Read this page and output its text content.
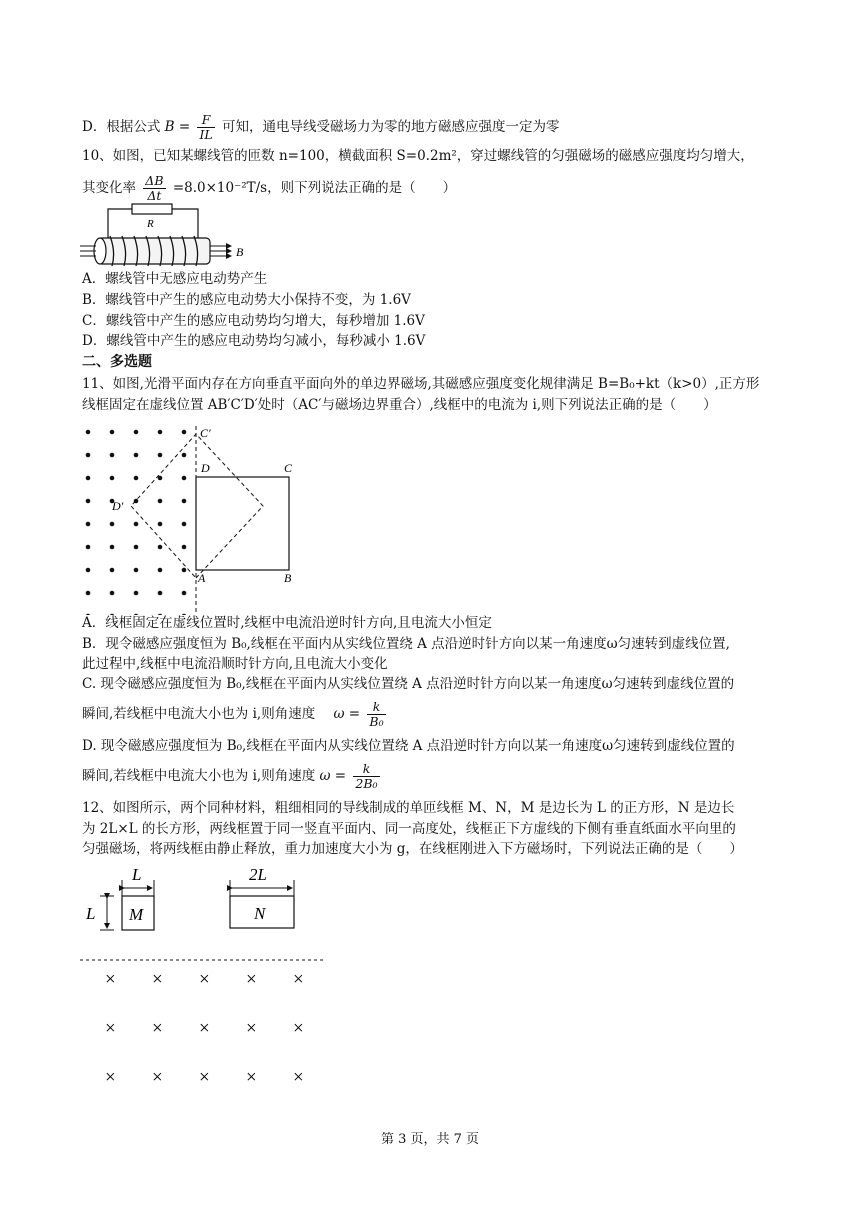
D．根据公式 $B = \frac{F}{IL}$ 可知，通电导线受磁场力为零的地方磁感应强度一定为零
10、如图，已知某螺线管的匝数 n=100，横截面积 S=0.2m²，穿过螺线管的匀强磁场的磁感应强度均匀增大，
其变化率 $\frac{\Delta B}{\Delta t} =8.0\times 10^{-2}T/s$，则下列说法正确的是（　　）
R
B
A．螺线管中无感应电动势产生
B．螺线管中产生的感应电动势大小保持不变，为 1.6V
C．螺线管中产生的感应电动势均匀增大，每秒增加 1.6V
D．螺线管中产生的感应电动势均匀减小，每秒减小 1.6V
二、多选题
11、如图,光滑平面内存在方向垂直平面向外的单边界磁场,其磁感应强度变化规律满足 B=B₀+kt（k>0）,正方形
线框固定在虚线位置 AB′C′D′处时（AC′与磁场边界重合）,线框中的电流为 i,则下列说法正确的是（　　）
C′
D	C
D′
A	B
A．线框固定在虚线位置时,线框中电流沿逆时针方向,且电流大小恒定
B．现令磁感应强度恒为 B₀,线框在平面内从实线位置绕 A 点沿逆时针方向以某一角速度ω匀速转到虚线位置,
此过程中,线框中电流沿顺时针方向,且电流大小变化
C. 现令磁感应强度恒为 B₀,线框在平面内从实线位置绕 A 点沿逆时针方向以某一角速度ω匀速转到虚线位置的
瞬间,若线框中电流大小也为 i,则角速度 $\omega = \frac{k}{\text{B₀}}$
D. 现令磁感应强度恒为 B₀,线框在平面内从实线位置绕 A 点沿逆时针方向以某一角速度ω匀速转到虚线位置的
瞬间,若线框中电流大小也为 i,则角速度 $\omega = \frac{k}{\text{2B₀}}$
12、如图所示，两个同种材料，粗细相同的导线制成的单匝线框 M、N，M 是边长为 L 的正方形，N 是边长
为 2L×L 的长方形，两线框置于同一竖直平面内、同一高度处，线框正下方虚线的下侧有垂直纸面水平向里的
匀强磁场，将两线框由静止释放，重力加速度大小为 g，在线框刚进入下方磁场时，下列说法正确的是（　　）
L
L M
2L
N
× × × × ×
× × × × ×
× × × × ×
第 3 页，共 7 页
